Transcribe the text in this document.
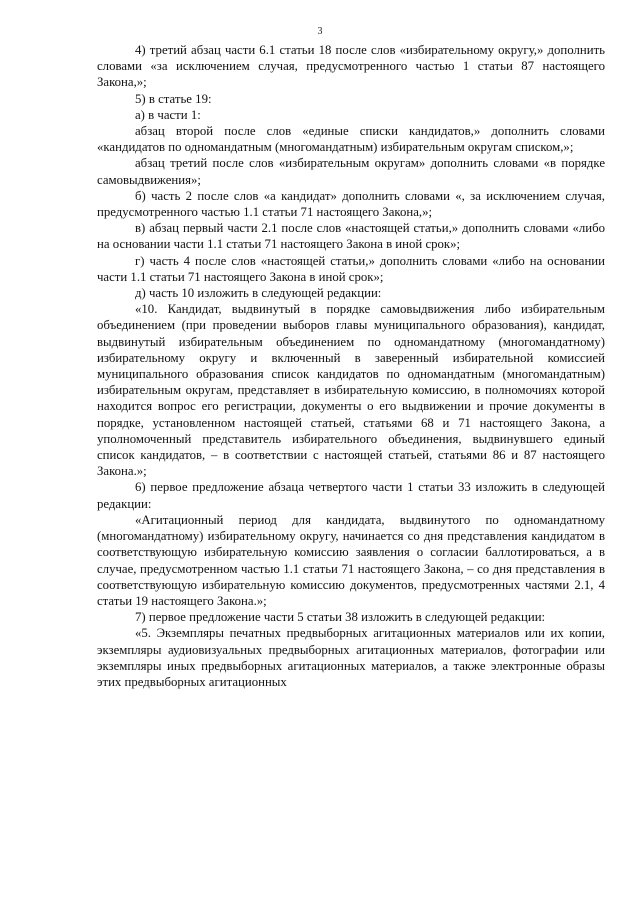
3

4) третий абзац части 6.1 статьи 18 после слов «избирательному округу,» дополнить словами «за исключением случая, предусмотренного частью 1 статьи 87 настоящего Закона,»;

5) в статье 19:

а) в части 1:

абзац второй после слов «единые списки кандидатов,» дополнить словами «кандидатов по одномандатным (многомандатным) избирательным округам списком,»;

абзац третий после слов «избирательным округам» дополнить словами «в порядке самовыдвижения»;

б) часть 2 после слов «а кандидат» дополнить словами «, за исключением случая, предусмотренного частью 1.1 статьи 71 настоящего Закона,»;

в) абзац первый части 2.1 после слов «настоящей статьи,» дополнить словами «либо на основании части 1.1 статьи 71 настоящего Закона в иной срок»;

г) часть 4 после слов «настоящей статьи,» дополнить словами «либо на основании части 1.1 статьи 71 настоящего Закона в иной срок»;

д) часть 10 изложить в следующей редакции:

«10. Кандидат, выдвинутый в порядке самовыдвижения либо избирательным объединением (при проведении выборов главы муниципального образования), кандидат, выдвинутый избирательным объединением по одномандатному (многомандатному) избирательному округу и включенный в заверенный избирательной комиссией муниципального образования список кандидатов по одномандатным (многомандатным) избирательным округам, представляет в избирательную комиссию, в полномочиях которой находится вопрос его регистрации, документы о его выдвижении и прочие документы в порядке, установленном настоящей статьей, статьями 68 и 71 настоящего Закона, а уполномоченный представитель избирательного объединения, выдвинувшего единый список кандидатов, – в соответствии с настоящей статьей, статьями 86 и 87 настоящего Закона.»;

6) первое предложение абзаца четвертого части 1 статьи 33 изложить в следующей редакции:

«Агитационный период для кандидата, выдвинутого по одномандатному (многомандатному) избирательному округу, начинается со дня представления кандидатом в соответствующую избирательную комиссию заявления о согласии баллотироваться, а в случае, предусмотренном частью 1.1 статьи 71 настоящего Закона, – со дня представления в соответствующую избирательную комиссию документов, предусмотренных частями 2.1, 4 статьи 19 настоящего Закона.»;

7) первое предложение части 5 статьи 38 изложить в следующей редакции:

«5. Экземпляры печатных предвыборных агитационных материалов или их копии, экземпляры аудиовизуальных предвыборных агитационных материалов, фотографии или экземпляры иных предвыборных агитационных материалов, а также электронные образы этих предвыборных агитационных
